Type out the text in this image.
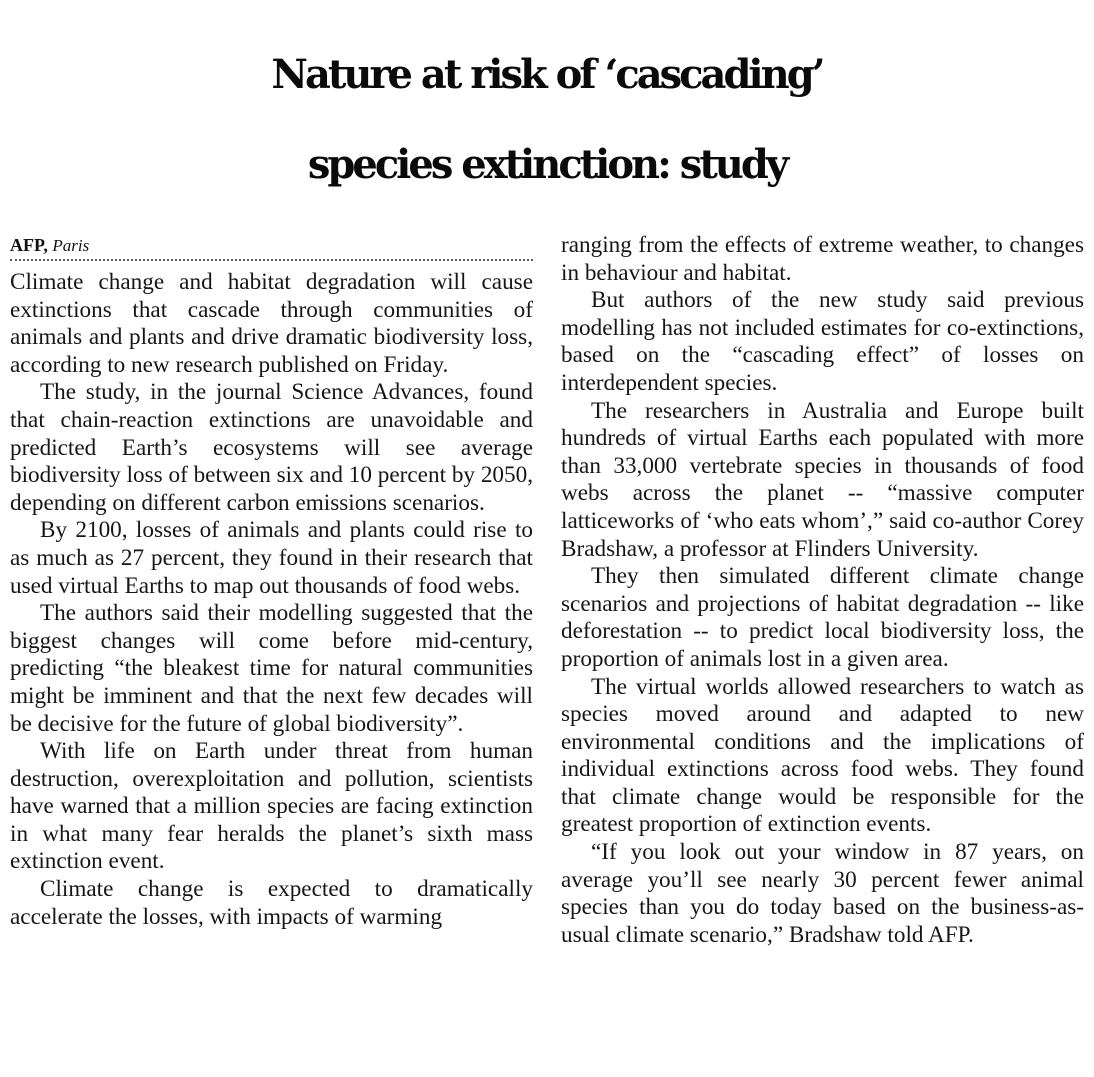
Nature at risk of ‘cascading’
species extinction: study
AFP, Paris

Climate change and habitat degradation will cause extinctions that cascade through communities of animals and plants and drive dramatic biodiversity loss, according to new research published on Friday.

The study, in the journal Science Advances, found that chain-reaction extinctions are unavoidable and predicted Earth’s ecosystems will see average biodiversity loss of between six and 10 percent by 2050, depending on different carbon emissions scenarios.

By 2100, losses of animals and plants could rise to as much as 27 percent, they found in their research that used virtual Earths to map out thousands of food webs.

The authors said their modelling suggested that the biggest changes will come before mid-century, predicting “the bleakest time for natural communities might be imminent and that the next few decades will be decisive for the future of global biodiversity”.

With life on Earth under threat from human destruction, overexploitation and pollution, scientists have warned that a million species are facing extinction in what many fear heralds the planet’s sixth mass extinction event.

Climate change is expected to dramatically accelerate the losses, with impacts of warming

ranging from the effects of extreme weather, to changes in behaviour and habitat.

But authors of the new study said previous modelling has not included estimates for co-extinctions, based on the “cascading effect” of losses on interdependent species.

The researchers in Australia and Europe built hundreds of virtual Earths each populated with more than 33,000 vertebrate species in thousands of food webs across the planet -- “massive computer latticeworks of ‘who eats whom’,” said co-author Corey Bradshaw, a professor at Flinders University.

They then simulated different climate change scenarios and projections of habitat degradation -- like deforestation -- to predict local biodiversity loss, the proportion of animals lost in a given area.

The virtual worlds allowed researchers to watch as species moved around and adapted to new environmental conditions and the implications of individual extinctions across food webs. They found that climate change would be responsible for the greatest proportion of extinction events.

“If you look out your window in 87 years, on average you’ll see nearly 30 percent fewer animal species than you do today based on the business-as-usual climate scenario,” Bradshaw told AFP.
